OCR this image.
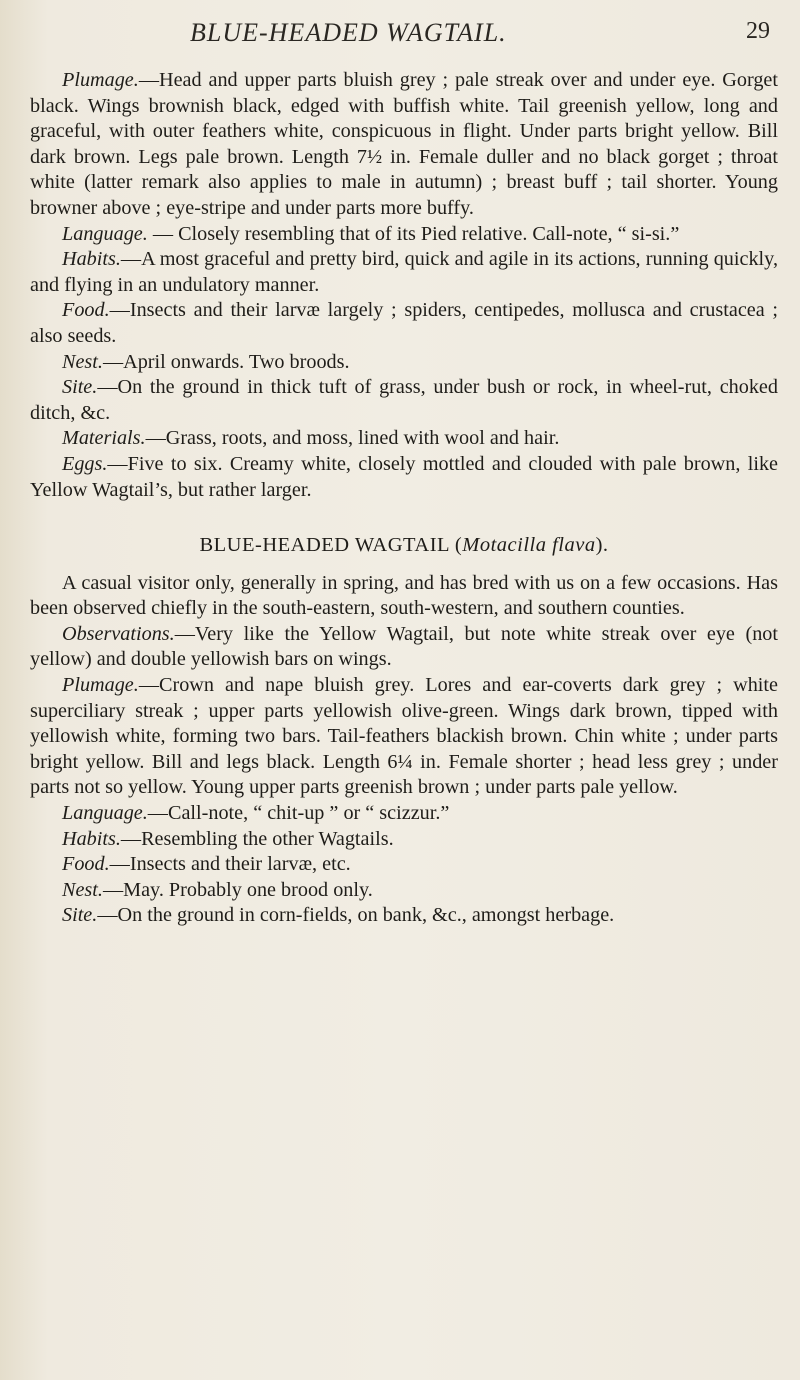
BLUE-HEADED WAGTAIL.	29

Plumage.—Head and upper parts bluish grey ; pale streak over and under eye. Gorget black. Wings brownish black, edged with buffish white. Tail greenish yellow, long and graceful, with outer feathers white, conspicuous in flight. Under parts bright yellow. Bill dark brown. Legs pale brown. Length 7½ in. Female duller and no black gorget ; throat white (latter remark also applies to male in autumn) ; breast buff ; tail shorter. Young browner above ; eye-stripe and under parts more buffy.

Language. — Closely resembling that of its Pied relative. Call-note, “ si-si.”

Habits.—A most graceful and pretty bird, quick and agile in its actions, running quickly, and flying in an undulatory manner.

Food.—Insects and their larvæ largely ; spiders, centipedes, mollusca and crustacea ; also seeds.

Nest.—April onwards. Two broods.

Site.—On the ground in thick tuft of grass, under bush or rock, in wheel-rut, choked ditch, &c.

Materials.—Grass, roots, and moss, lined with wool and hair.

Eggs.—Five to six. Creamy white, closely mottled and clouded with pale brown, like Yellow Wagtail’s, but rather larger.

BLUE-HEADED WAGTAIL (Motacilla flava).

A casual visitor only, generally in spring, and has bred with us on a few occasions. Has been observed chiefly in the south-eastern, south-western, and southern counties.

Observations.—Very like the Yellow Wagtail, but note white streak over eye (not yellow) and double yellowish bars on wings.

Plumage.—Crown and nape bluish grey. Lores and ear-coverts dark grey ; white superciliary streak ; upper parts yellowish olive-green. Wings dark brown, tipped with yellowish white, forming two bars. Tail-feathers blackish brown. Chin white ; under parts bright yellow. Bill and legs black. Length 6¼ in. Female shorter ; head less grey ; under parts not so yellow. Young upper parts greenish brown ; under parts pale yellow.

Language.—Call-note, “ chit-up ” or “ scizzur.”

Habits.—Resembling the other Wagtails.

Food.—Insects and their larvæ, etc.

Nest.—May. Probably one brood only.

Site.—On the ground in corn-fields, on bank, &c., amongst herbage.
